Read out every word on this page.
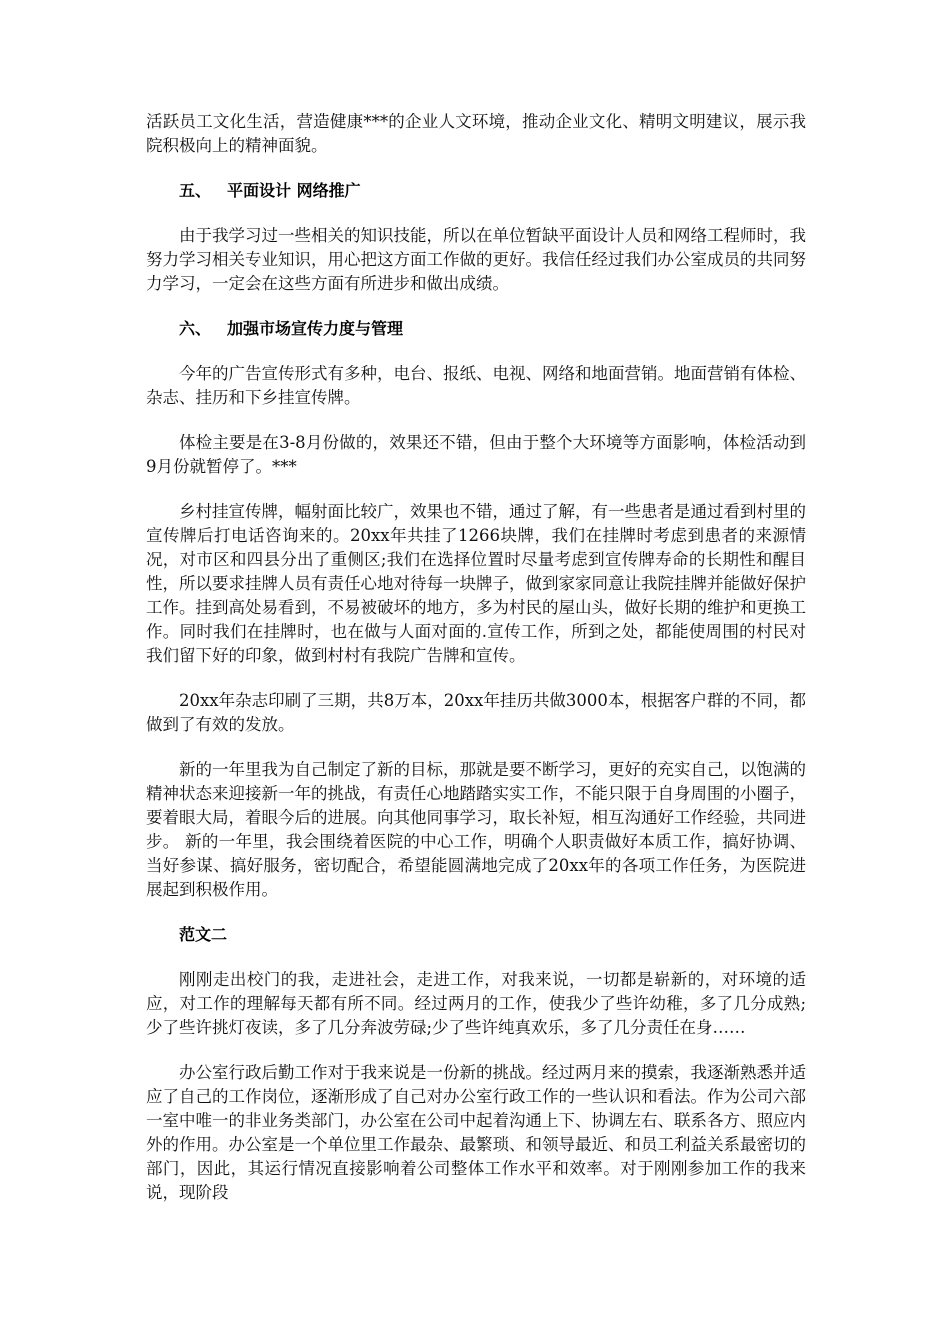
活跃员工文化生活，营造健康***的企业人文环境，推动企业文化、精明文明建议，展示我院积极向上的精神面貌。

五、 平面设计 网络推广

由于我学习过一些相关的知识技能，所以在单位暂缺平面设计人员和网络工程师时，我努力学习相关专业知识，用心把这方面工作做的更好。我信任经过我们办公室成员的共同努力学习，一定会在这些方面有所进步和做出成绩。

六、 加强市场宣传力度与管理

今年的广告宣传形式有多种，电台、报纸、电视、网络和地面营销。地面营销有体检、杂志、挂历和下乡挂宣传牌。

体检主要是在3-8月份做的，效果还不错，但由于整个大环境等方面影响，体检活动到9月份就暂停了。***

乡村挂宣传牌，幅射面比较广，效果也不错，通过了解，有一些患者是通过看到村里的宣传牌后打电话咨询来的。20xx年共挂了1266块牌，我们在挂牌时考虑到患者的来源情况，对市区和四县分出了重侧区;我们在选择位置时尽量考虑到宣传牌寿命的长期性和醒目性，所以要求挂牌人员有责任心地对待每一块牌子，做到家家同意让我院挂牌并能做好保护工作。挂到高处易看到，不易被破坏的地方，多为村民的屋山头，做好长期的维护和更换工作。同时我们在挂牌时，也在做与人面对面的.宣传工作，所到之处，都能使周围的村民对我们留下好的印象，做到村村有我院广告牌和宣传。

20xx年杂志印刷了三期，共8万本，20xx年挂历共做3000本，根据客户群的不同，都做到了有效的发放。

新的一年里我为自己制定了新的目标，那就是要不断学习，更好的充实自己，以饱满的精神状态来迎接新一年的挑战，有责任心地踏踏实实工作，不能只限于自身周围的小圈子，要着眼大局，着眼今后的进展。向其他同事学习，取长补短，相互沟通好工作经验，共同进步。 新的一年里，我会围绕着医院的中心工作，明确个人职责做好本质工作，搞好协调、当好参谋、搞好服务，密切配合，希望能圆满地完成了20xx年的各项工作任务，为医院进展起到积极作用。

范文二

刚刚走出校门的我，走进社会，走进工作，对我来说，一切都是崭新的，对环境的适应，对工作的理解每天都有所不同。经过两月的工作，使我少了些许幼稚，多了几分成熟;少了些许挑灯夜读，多了几分奔波劳碌;少了些许纯真欢乐，多了几分责任在身……

办公室行政后勤工作对于我来说是一份新的挑战。经过两月来的摸索，我逐渐熟悉并适应了自己的工作岗位，逐渐形成了自己对办公室行政工作的一些认识和看法。作为公司六部一室中唯一的非业务类部门，办公室在公司中起着沟通上下、协调左右、联系各方、照应内外的作用。办公室是一个单位里工作最杂、最繁琐、和领导最近、和员工利益关系最密切的部门，因此，其运行情况直接影响着公司整体工作水平和效率。对于刚刚参加工作的我来说，现阶段
